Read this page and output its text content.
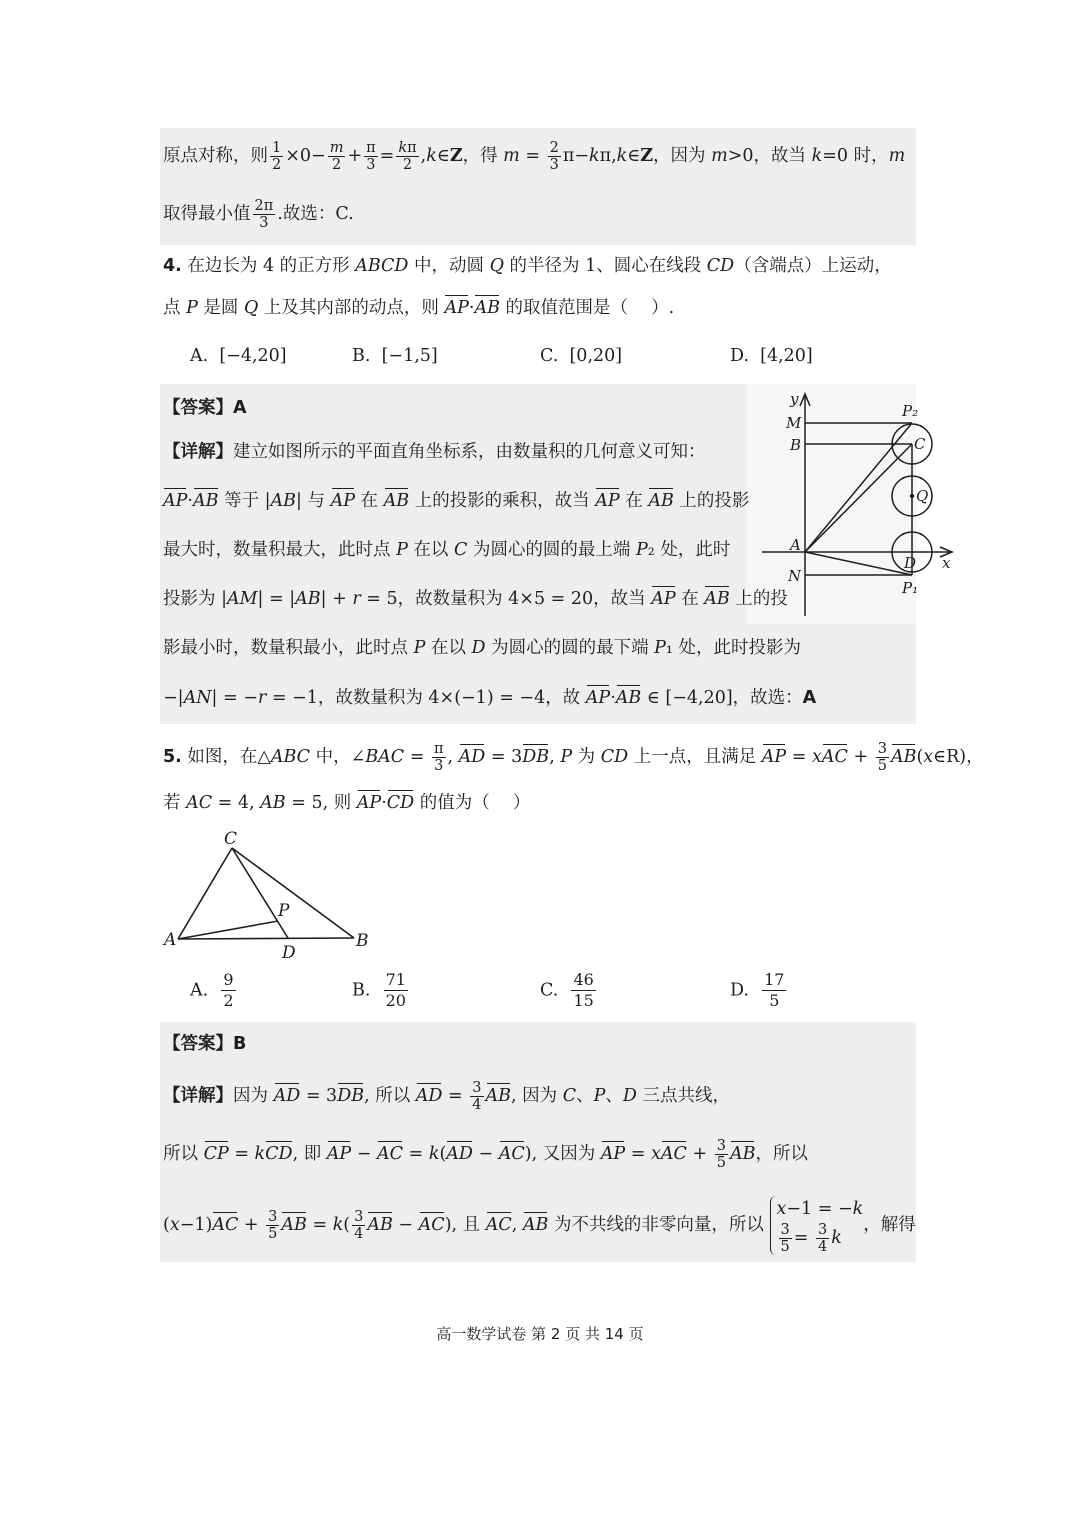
原点对称，则 $\frac{1}{2} \times 0- \frac{m}{2} + \frac{\pi}{3} = \frac{k\pi}{2}$ ,k∈Z，得 $m = \frac{2}{3}$ π−kπ,k∈Z，因为 m>0，故当 k=0 时，m
取得最小值 $\frac{2\pi}{3}$ .故选：C.
4. 在边长为 4 的正方形 ABCD 中，动圆 Q 的半径为 1、圆心在线段 CD（含端点）上运动，
点 P 是圆 Q 上及其内部的动点，则 AP·AB 的取值范围是（　 ）.
A. [−4,20]	B. [−1,5]	C. [0,20]	D. [4,20]
【答案】A
【详解】建立如图所示的平面直角坐标系，由数量积的几何意义可知：
AP·AB 等于 |AB| 与 AP 在 AB 上的投影的乘积，故当 AP 在 AB 上的投影
最大时，数量积最大，此时点 P 在以 C 为圆心的圆的最上端 P₂ 处，此时
投影为 |AM| = |AB| + r = 5，故数量积为 4×5 = 20，故当 AP 在 AB 上的投
影最小时，数量积最小，此时点 P 在以 D 为圆心的圆的最下端 P₁ 处，此时投影为
−|AN| = −r = −1，故数量积为 4×(−1) = −4，故 AP·AB ∈ [−4,20]，故选：A
y
x
M
B
A
N
C
Q
D
P₂
P₁
5. 如图，在△ABC 中，∠BAC = $\frac{\pi}{3}$ , AD = 3DB, P 为 CD 上一点，且满足 AP = xAC + $\frac{3}{5}$ AB(x∈R)，
若 AC = 4, AB = 5, 则 AP·CD 的值为（　 ）
C
A	B
P
D
A. $\frac{9}{2}$	B. $\frac{71}{20}$	C. $\frac{46}{15}$	D. $\frac{17}{5}$
【答案】B
【详解】因为 AD = 3DB, 所以 AD = $\frac{3}{4}$ AB, 因为 C、P、D 三点共线，
所以 CP = kCD, 即 AP − AC = k(AD − AC), 又因为 AP = xAC + $\frac{3}{5}$ AB，所以
$(x-1)AC + \frac{3}{5}$ AB = $k( \frac{3}{4}$ AB − AC), 且 AC, AB 为不共线的非零向量，所以
x−1 = −k
$\frac{3}{5} = \frac{3}{4}$ k
，解得
高一数学试卷 第 2 页 共 14 页
